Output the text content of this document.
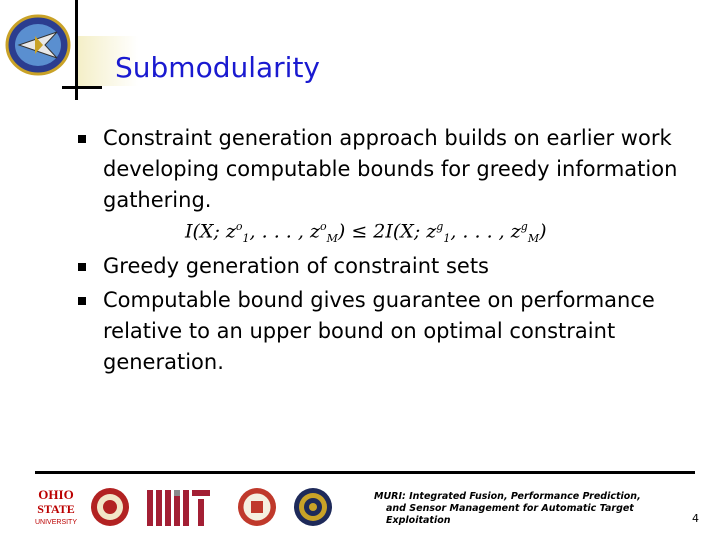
Submodularity
Constraint generation approach builds on earlier work developing computable bounds for greedy information gathering.
Greedy generation of constraint sets
Computable bound gives guarantee on performance relative to an upper bound on optimal constraint generation.
I(X; $z^o_1$, . . . , $z^o_M) \le 2I(X$; $z^g_1$, . . . , $z^g_M$)
OHIO
STATE
UNIVERSITY
MURI: Integrated Fusion, Performance Prediction,
and Sensor Management for Automatic Target
Exploitation	4
